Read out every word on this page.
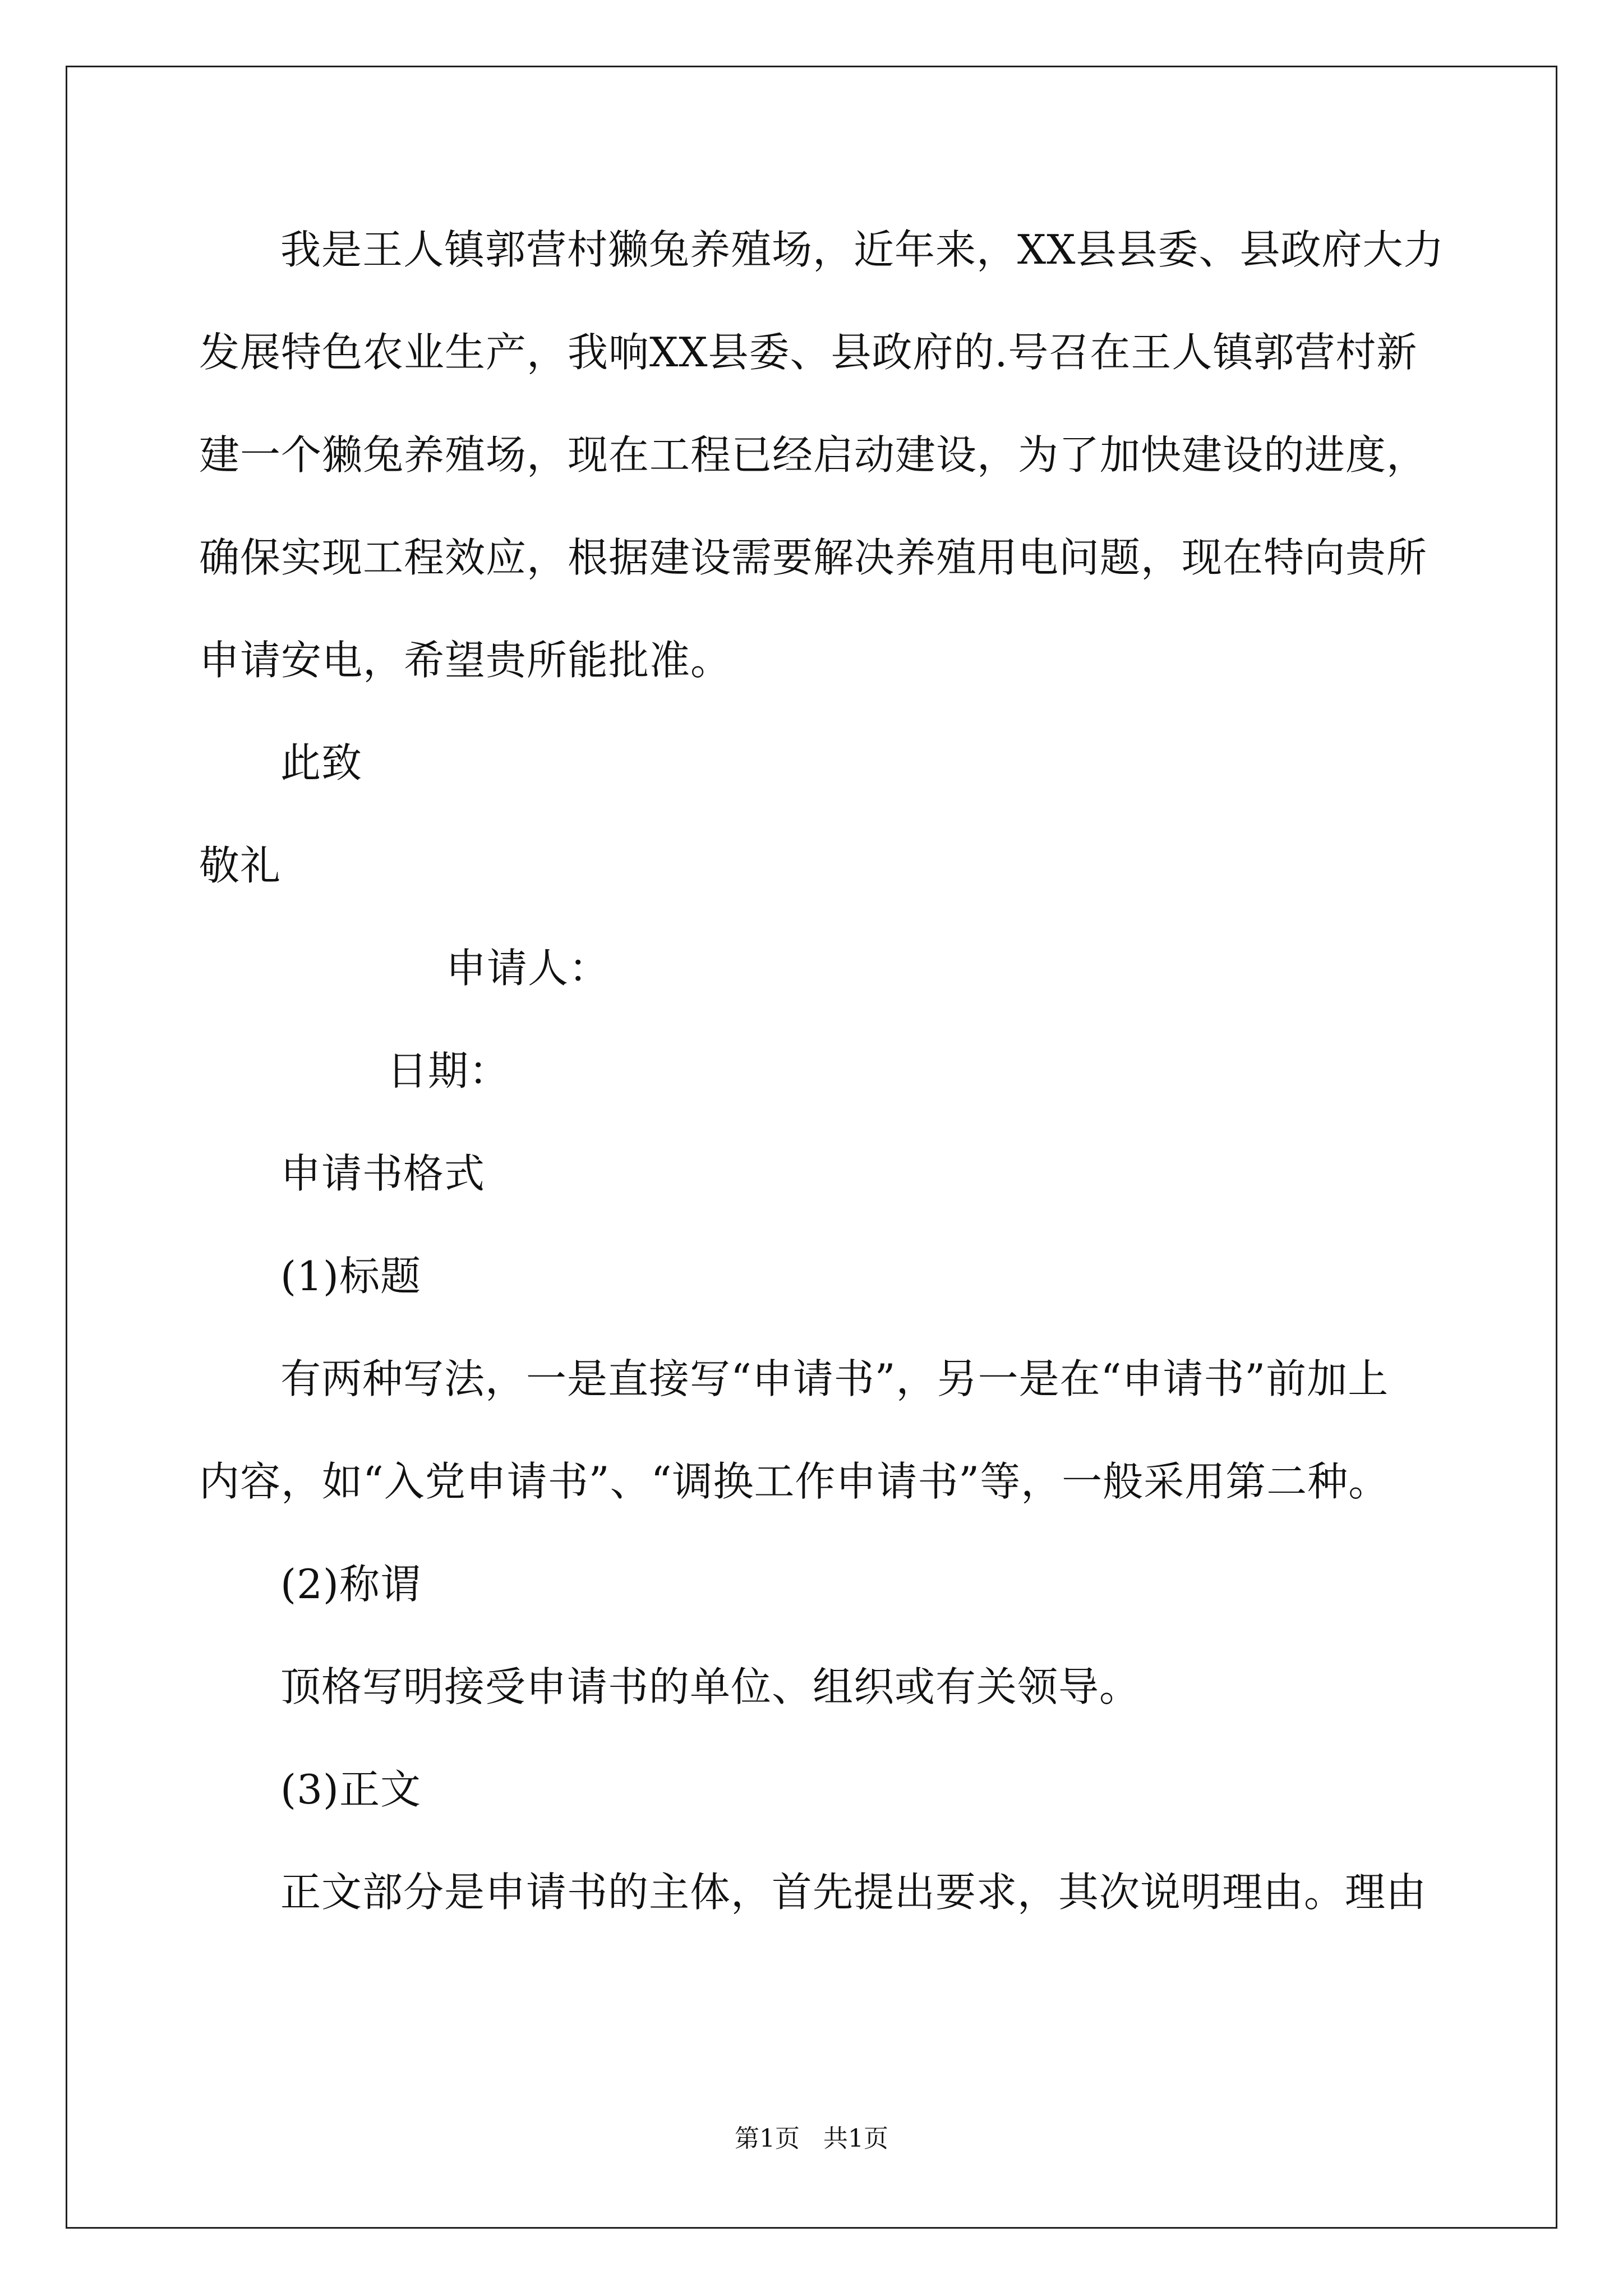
我是王人镇郭营村獭兔养殖场，近年来，XX县县委、县政府大力
发展特色农业生产，我响XX县委、县政府的.号召在王人镇郭营村新
建一个獭兔养殖场，现在工程已经启动建设，为了加快建设的进度，
确保实现工程效应，根据建设需要解决养殖用电问题，现在特向贵所
申请安电，希望贵所能批准。
此致
敬礼
申请人：
日期：
申请书格式
(1)标题
有两种写法，一是直接写“申请书”，另一是在“申请书”前加上
内容，如“入党申请书”、“调换工作申请书”等，一般采用第二种。
(2)称谓
顶格写明接受申请书的单位、组织或有关领导。
(3)正文
正文部分是申请书的主体，首先提出要求，其次说明理由。理由
第1页   共1页
